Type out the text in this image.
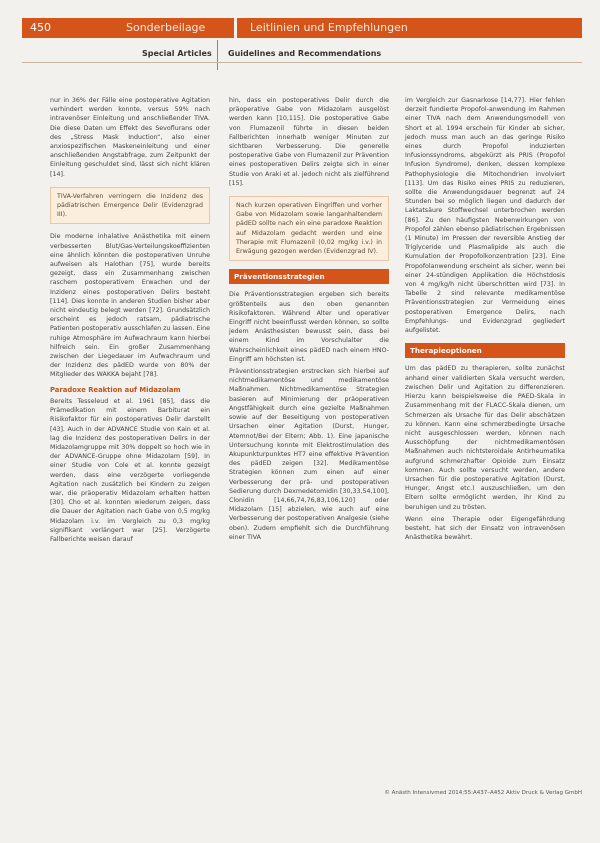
450	Sonderbeilage	Leitlinien und Empfehlungen
Special Articles Guidelines and Recommendations

nur in 36% der Fälle eine postoperative Agitation verhindert werden konnte, versus 59% nach intravenöser Einleitung und anschließender TIVA. Die diese Daten um Effekt des Sevoflurans oder des „Stress Mask Induction“, also einer anxiospezifischen Maskeneinleitung und einer anschließenden Angstabfrage, zum Zeitpunkt der Einleitung geschuldet sind, lässt sich nicht klären [14].

TIVA-Verfahren verringern die Inzidenz des pädiatrischen Emergence Delir (Evidenzgrad III).

Die moderne inhalative Anästhetika mit einem verbesserten Blut/Gas-Verteilungskoeffizienten eine ähnlich könnten die postoperativen Unruhe aufweisen als Halothan [75], wurde bereits gezeigt, dass ein Zusammenhang zwischen raschem postoperativem Erwachen und der Inzidenz eines postoperativen Delirs besteht [114]. Dies konnte in anderen Studien bisher aber nicht eindeutig belegt werden [72]. Grundsätzlich erscheint es jedoch ratsam, pädiatrische Patienten postoperativ ausschlafen zu lassen. Eine ruhige Atmosphäre im Aufwachraum kann hierbei hilfreich sein. Ein großer Zusammenhang zwischen der Liegedauer im Aufwachraum und der Inzidenz des pädED wurde von 80% der Mitglieder des WAKKA bejaht [78].

Paradoxe Reaktion auf Midazolam

Bereits Tesseleud et al. 1961 [85], dass die Prämedikation mit einem Barbiturat ein Risikofaktor für ein postoperatives Delir darstellt [43]. Auch in der ADVANCE Studie von Kain et al. lag die Inzidenz des postoperativen Delirs in der Midazolamgruppe mit 30% doppelt so hoch wie in der ADVANCE-Gruppe ohne Midazolam [59]. In einer Studie von Cole et al. konnte gezeigt werden, dass eine verzögerte vorliegende Agitation nach zusätzlich bei Kindern zu zeigen war, die präoperativ Midazolam erhalten hatten [30]. Cho et al. konnten wiederum zeigen, dass die Dauer der Agitation nach Gabe von 0,5 mg/kg Midazolam i.v. im Vergleich zu 0,3 mg/kg signifikant verlängert war [25]. Verzögerte Fallberichte weisen darauf

hin, dass ein postoperatives Delir durch die präoperative Gabe von Midazolam ausgelöst werden kann [10,115]. Die postoperative Gabe von Flumazenil führte in diesen beiden Fallberichten innerhalb weniger Minuten zur sichtbaren Verbesserung. Die generelle postoperative Gabe von Flumazenil zur Prävention eines postoperativen Delirs zeigte sich in einer Studie von Araki et al. jedoch nicht als zielführend [15].

Nach kurzen operativen Eingriffen und vorher Gabe von Midazolam sowie langanhaltendem pädED sollte nach ein eine paradoxe Reaktion auf Midazolam gedacht werden und eine Therapie mit Flumazenil (0,02 mg/kg i.v.) in Erwägung gezogen werden (Evidenzgrad IV).
Präventionsstrategien

Die Präventionsstrategien ergeben sich bereits größtenteils aus den oben genannten Risikofaktoren. Während Alter und operativer Eingriff nicht beeinflusst werden können, so sollte jedem Anästhesisten bewusst sein, dass bei einem Kind im Vorschulalter die Wahrscheinlichkeit eines pädED nach einem HNO-Eingriff am höchsten ist.

Präventionsstrategien erstrecken sich hierbei auf nichtmedikamentöse und medikamentöse Maßnahmen. Nichtmedikamentöse Strategien basieren auf Minimierung der präoperativen Angstfähigkeit durch eine gezielte Maßnahmen sowie auf der Beseitigung von postoperativen Ursachen einer Agitation (Durst, Hunger, Atemnot/Bei der Eltern; Abb. 1). Eine japanische Untersuchung konnte mit Elektrostimulation des Akupunkturpunktes HT7 eine effektive Prävention des pädED zeigen [32]. Medikamentöse Strategien können zum einen auf einer Verbesserung der prä- und postoperativen Sedierung durch Dexmedetomidin [30,33,54,100], Clonidin [14,66,74,76,83,106,120] oder Midazolam [15] abzielen, wie auch auf eine Verbesserung der postoperativen Analgesie (siehe oben). Zudem empfiehlt sich die Durchführung einer TIVA

im Vergleich zur Gasnarkose [14,77]. Hier fehlen derzeit fundierte Propofol-anwendung im Rahmen einer TIVA nach dem Anwendungsmodell von Short et al. 1994 erschein für Kinder ab sicher, jedoch muss man auch an das geringe Risiko eines durch Propofol induzierten Infusionssyndroms, abgekürzt als PRIS (Propofol Infusion Syndrome), denken, dessen komplexe Pathophysiologie die Mitochondrien involviert [113]. Um das Risiko eines PRIS zu reduzieren, sollte die Anwendungsdauer begrenzt auf 24 Stunden bei so möglich liegen und dadurch der Laktatsäure Stoffwechsel unterbrochen werden [86]. Zu den häufigsten Nebenwirkungen von Propofol zählen ebenso pädiatrischen Ergebnissen (1 Minute) im Pressen der reversible Anstieg der Triglyceride und Plasmalipide als auch die Kumulation der Propofolkonzentration [23]. Eine Propofolanwendung erscheint als sicher, wenn bei einer 24-stündigen Applikation die Höchstdosis von 4 mg/kg/h nicht überschritten wird [73]. In Tabelle 2 sind relevante medikamentöse Präventionsstrategien zur Vermeidung eines postoperativen Emergence Delirs, nach Empfehlungs- und Evidenzgrad gegliedert aufgelistet.

Therapieoptionen

Um das pädED zu therapieren, sollte zunächst anhand einer validierten Skala versucht werden, zwischen Delir und Agitation zu differenzieren. Hierzu kann beispielsweise die PAED-Skala in Zusammenhang mit der FLACC-Skala dienen, um Schmerzen als Ursache für das Delir abschätzen zu können. Kann eine schmerzbedingte Ursache nicht ausgeschlossen werden, können nach Ausschöpfung der nichtmedikamentösen Maßnahmen auch nichtsteroidale Antirheumatika aufgrund schmerzhafter Opioide zum Einsatz kommen. Auch sollte versucht werden, andere Ursachen für die postoperative Agitation (Durst, Hunger, Angst etc.) auszuschließen, um den Eltern sollte ermöglicht werden, ihr Kind zu beruhigen und zu trösten.

Wenn eine Therapie oder Eigengefährdung besteht, hat sich der Einsatz von intravenösen Anästhetika bewährt.

© Anästh Intensivmed 2014;55:A437–A452 Aktiv Druck & Verlag GmbH
